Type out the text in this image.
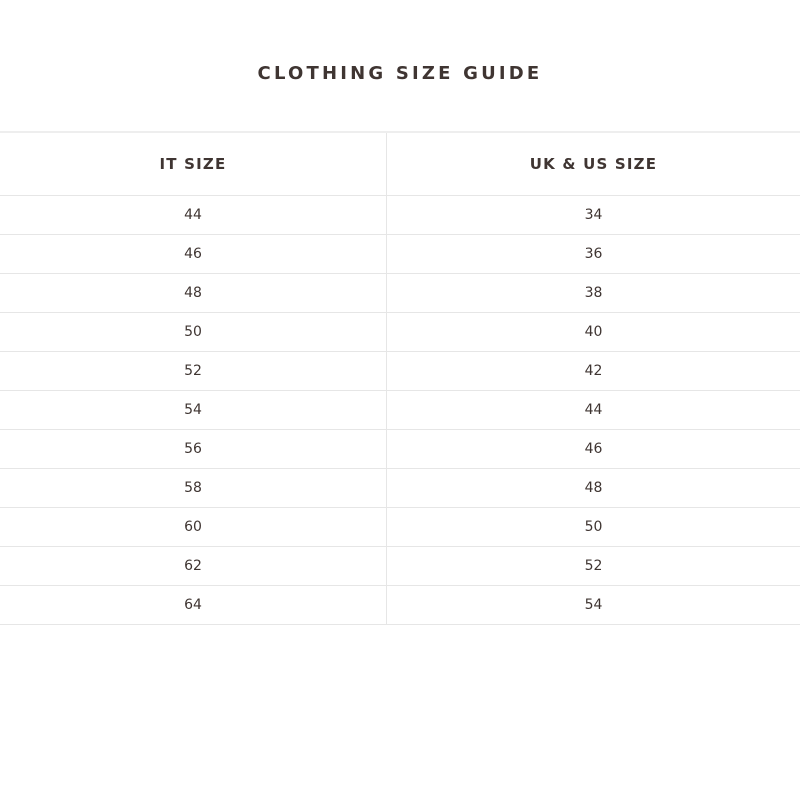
CLOTHING SIZE GUIDE
IT SIZE	UK & US SIZE
44	34
46	36
48	38
50	40
52	42
54	44
56	46
58	48
60	50
62	52
64	54
